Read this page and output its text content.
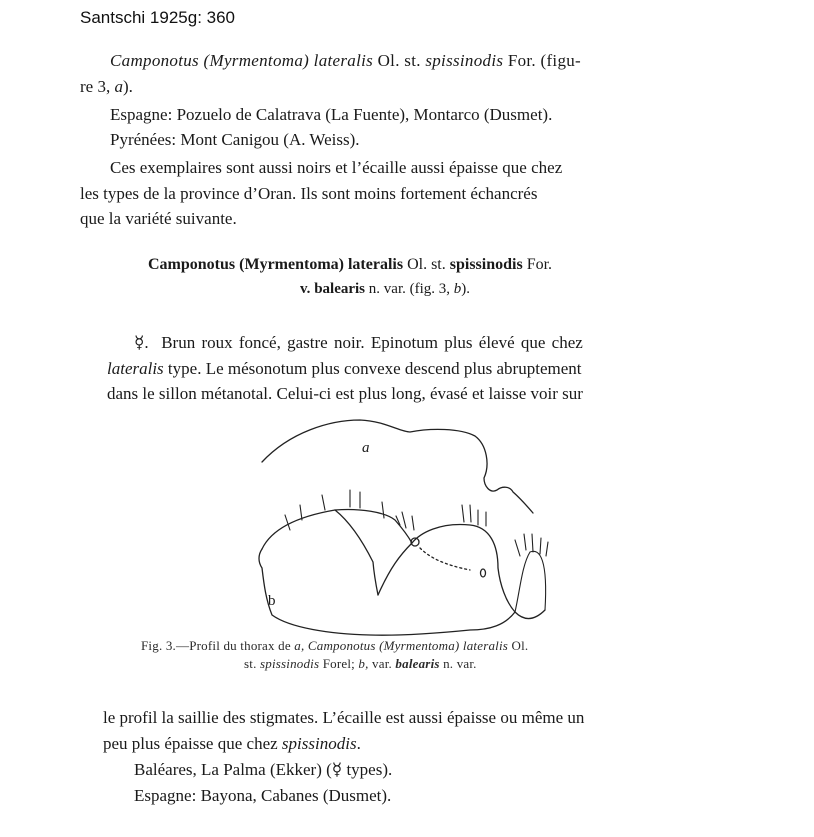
Santschi 1925g: 360
Camponotus (Myrmentoma) lateralis Ol. st. spissinodis For. (figu-
re 3, a).
Espagne: Pozuelo de Calatrava (La Fuente), Montarco (Dusmet).
Pyrénées: Mont Canigou (A. Weiss).
Ces exemplaires sont aussi noirs et l’écaille aussi épaisse que chez
les types de la province d’Oran. Ils sont moins fortement échancrés
que la variété suivante.
Camponotus (Myrmentoma) lateralis Ol. st. spissinodis For.
v. balearis n. var. (fig. 3, b).
☿. Brun roux foncé, gastre noir. Epinotum plus élevé que chez
lateralis type. Le mésonotum plus convexe descend plus abruptement
dans le sillon métanotal. Celui-ci est plus long, évasé et laisse voir sur
a
b
Fig. 3.—Profil du thorax de a, Camponotus (Myrmentoma) lateralis Ol.
st. spissinodis Forel; b, var. balearis n. var.
le profil la saillie des stigmates. L’écaille est aussi épaisse ou même un
peu plus épaisse que chez spissinodis.
Baléares, La Palma (Ekker) (☿ types).
Espagne: Bayona, Cabanes (Dusmet).
